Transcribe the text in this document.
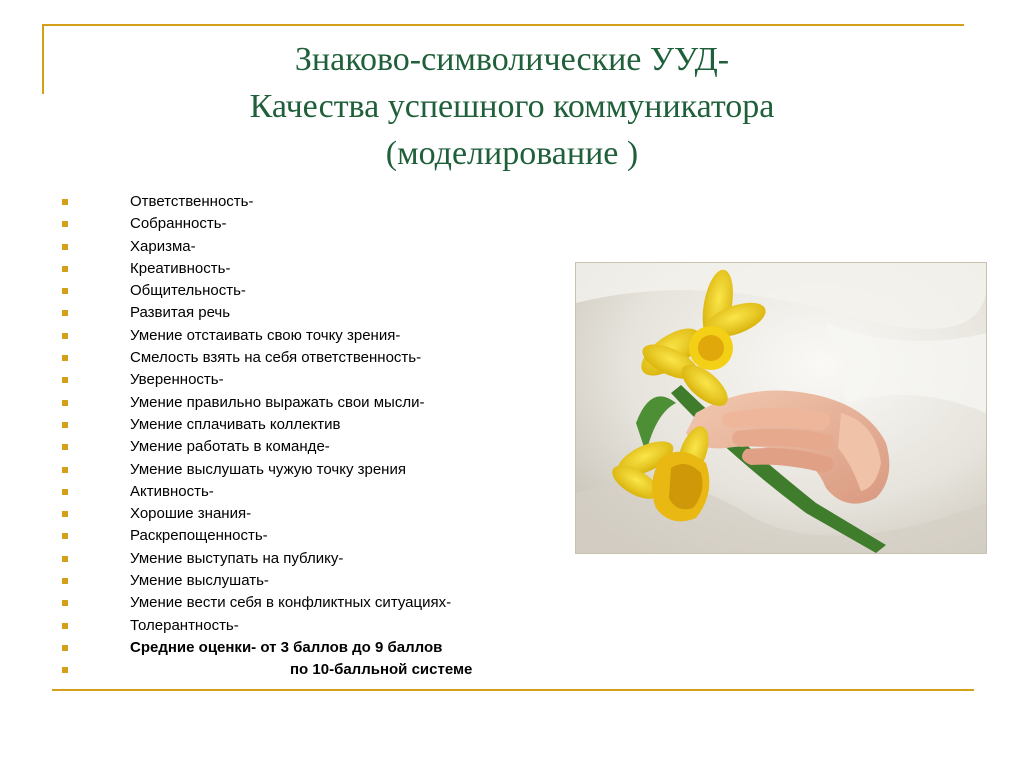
Знаково-символические УУД-
Качества успешного коммуникатора
(моделирование )
Ответственность-
Собранность-
Харизма-
Креативность-
Общительность-
Развитая речь
Умение отстаивать свою точку зрения-
Смелость взять на себя ответственность-
Уверенность-
Умение правильно выражать свои мысли-
Умение сплачивать коллектив
Умение работать в команде-
Умение выслушать чужую точку зрения
Активность-
Хорошие знания-
Раскрепощенность-
Умение выступать на публику-
Умение выслушать-
Умение вести себя в конфликтных ситуациях-
Толерантность-
Средние оценки- от 3 баллов до 9 баллов
по 10-балльной системе
